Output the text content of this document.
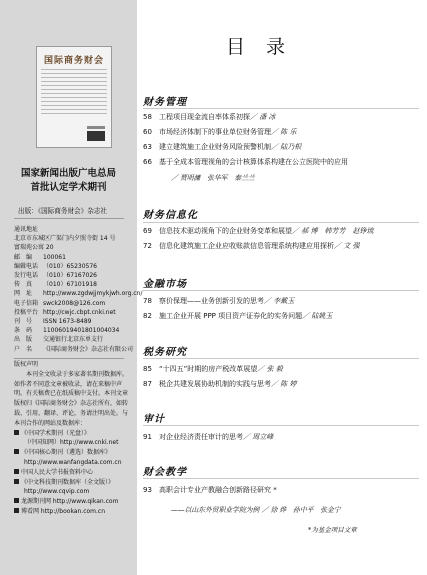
国际商务财会
国家新闻出版广电总局
首批认定学术期刊
出版：《国际商务财会》杂志社
通讯地址
北京市东城区广渠门内夕照寺街 14 号
富瑞苑公寓 20
邮　编 100061
编辑电话 （010）65230576
发行电话 （010）67167026
传　真 （010）67101918
网　址 http://www.zgdwjjmykjwh.org.cn/
电子信箱 swck2008@126.com
投稿平台 http://cwjc.cbpt.cnki.net
刊　号 ISSN 1673-8489
条　码 11006019401801004034
出　版 交通银行北京东单支行
户　名 《国际商务财会》杂志社有限公司
版权声明
本刊全文收录于多家著名期刊数据库。如作者不同意文章被收录，请在来稿中声明。有关稿费已在纸质稿中支付。本刊文章版权归《国际商务财会》杂志社所有，如转载、引用、翻译、评论，务请注明出处。与本刊合作的网站及数据库：
《中国学术期刊（光盘）》
（中国知网）http://www.cnki.net
《中国核心期刊（遴选）数据库》
http://www.wanfangdata.com.cn
中国人民大学书报资料中心
《中文科技期刊数据库（全文版）》
http://www.cqvip.com
龙源期刊网 http://www.qikan.com
博看网 http://bookan.com.cn
目录
财务管理
58 工程项目现金流自率体系初探／ 潘 冰
60 市场经济体制下的事业单位财务管理／ 陈 乐
63 建立建筑施工企业财务风险预警机制／ 陆乃根
66 基于全成本管理视角的会计核算体系构建在公立医院中的应用
／ 贾明濂　张华军　秦兰兰
财务信息化
69 信息技术驱动视角下的企业财务变革和展望／ 郝 博　韩芳芳　赵铮琉
72 信息化建筑施工企业应收账款信息管理系统构建应用探析／ 文 强
金融市场
78 察价保理——业务创新引发的思考／ 李戴玉
82 施工企业开展 PPP 项目资产证券化的实务问题／ 陆姚玉
税务研究
85 “十四五”时期的房产税改革展望／ 张 毅
87 税企共建发展协助机制的实践与思考／ 陈 婷
审计
91 对企业经济责任审计的思考／ 周立峰
财会教学
93 高职会计专业产教融合创新路径研究 *
——以山东外贸职业学院为例 ／ 徐 烨　孙中平　张金宁
*为基金项目文章
